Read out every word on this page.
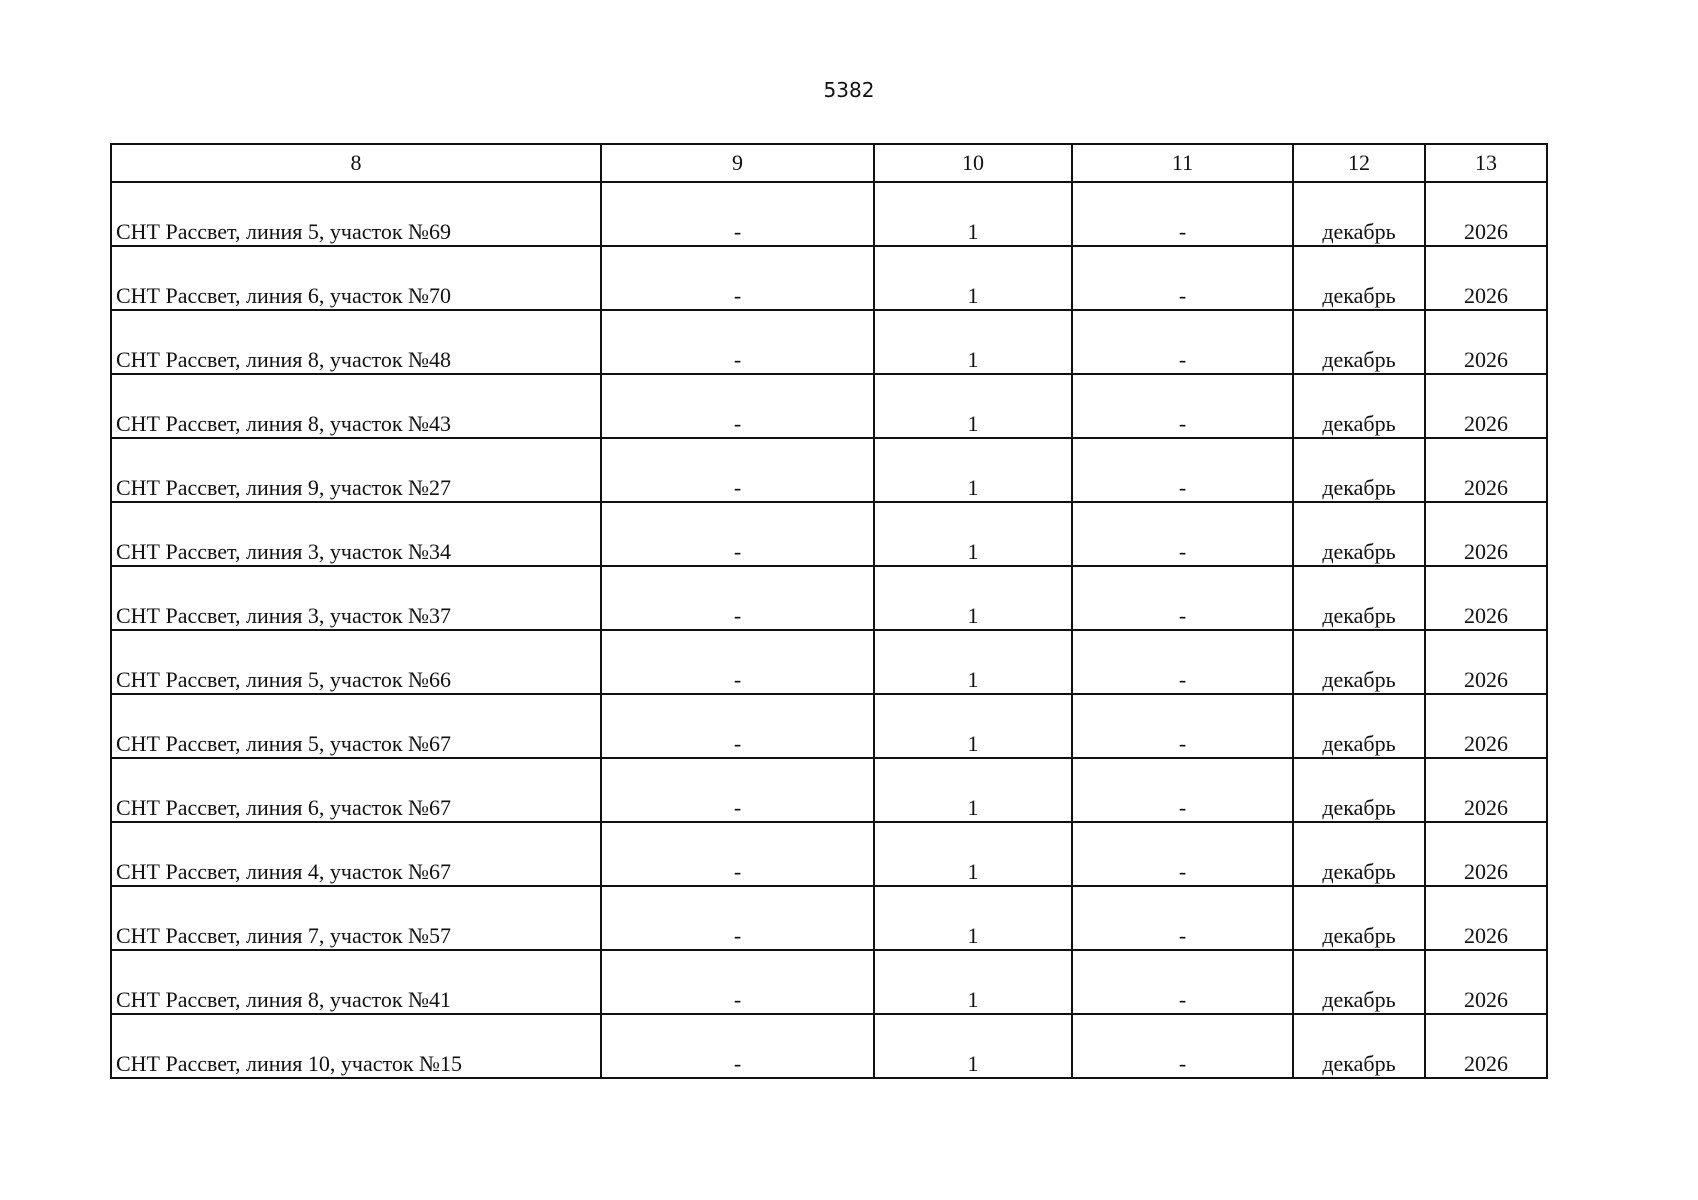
5382
8	9	10	11	12	13
СНТ Рассвет, линия 5, участок №69	-	1	-	декабрь	2026
СНТ Рассвет, линия 6, участок №70	-	1	-	декабрь	2026
СНТ Рассвет, линия 8, участок №48	-	1	-	декабрь	2026
СНТ Рассвет, линия 8, участок №43	-	1	-	декабрь	2026
СНТ Рассвет, линия 9, участок №27	-	1	-	декабрь	2026
СНТ Рассвет, линия 3, участок №34	-	1	-	декабрь	2026
СНТ Рассвет, линия 3, участок №37	-	1	-	декабрь	2026
СНТ Рассвет, линия 5, участок №66	-	1	-	декабрь	2026
СНТ Рассвет, линия 5, участок №67	-	1	-	декабрь	2026
СНТ Рассвет, линия 6, участок №67	-	1	-	декабрь	2026
СНТ Рассвет, линия 4, участок №67	-	1	-	декабрь	2026
СНТ Рассвет, линия 7, участок №57	-	1	-	декабрь	2026
СНТ Рассвет, линия 8, участок №41	-	1	-	декабрь	2026
СНТ Рассвет, линия 10, участок №15	-	1	-	декабрь	2026
